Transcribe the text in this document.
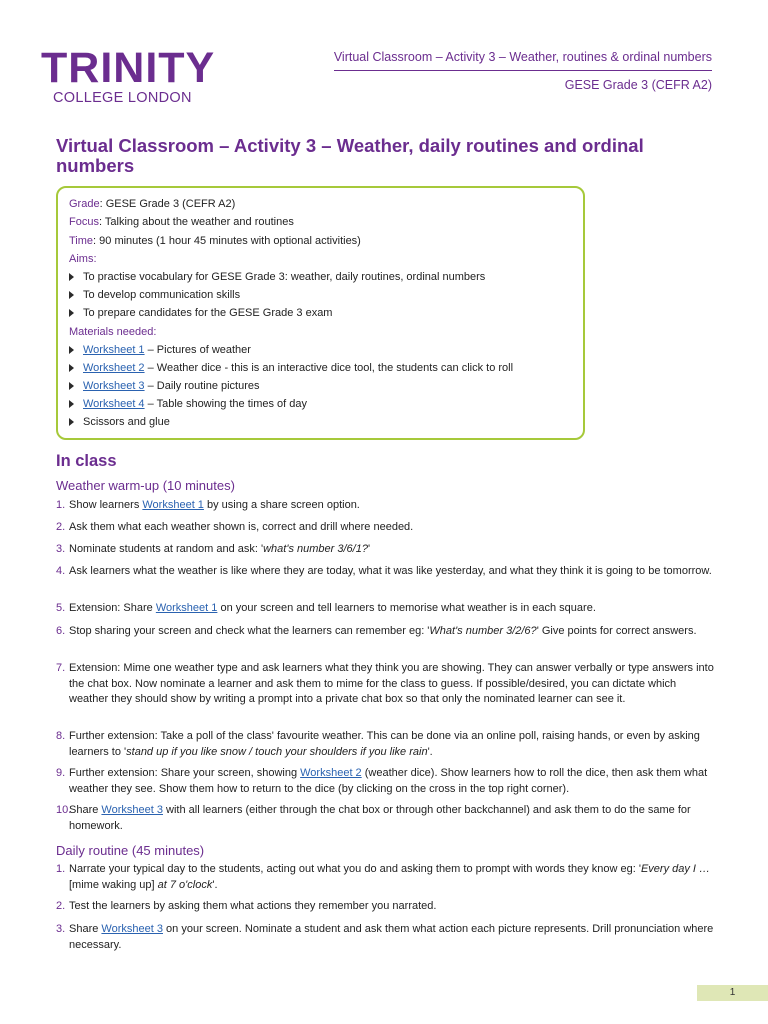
TRINITY
COLLEGE LONDON
Virtual Classroom – Activity 3 – Weather, routines & ordinal numbers
GESE Grade 3 (CEFR A2)
Virtual Classroom – Activity 3 – Weather, daily routines and ordinal numbers
Grade: GESE Grade 3 (CEFR A2)
Focus: Talking about the weather and routines
Time: 90 minutes (1 hour 45 minutes with optional activities)
Aims:
To practise vocabulary for GESE Grade 3: weather, daily routines, ordinal numbers
To develop communication skills
To prepare candidates for the GESE Grade 3 exam
Materials needed:
Worksheet 1 – Pictures of weather
Worksheet 2 – Weather dice - this is an interactive dice tool, the students can click to roll
Worksheet 3 – Daily routine pictures
Worksheet 4 – Table showing the times of day
Scissors and glue
In class
Weather warm-up (10 minutes)
1. Show learners Worksheet 1 by using a share screen option.
2. Ask them what each weather shown is, correct and drill where needed.
3. Nominate students at random and ask: 'what's number 3/6/1?'
4. Ask learners what the weather is like where they are today, what it was like yesterday, and what they think it is going to be tomorrow.
5. Extension: Share Worksheet 1 on your screen and tell learners to memorise what weather is in each square.
6. Stop sharing your screen and check what the learners can remember eg: 'What's number 3/2/6?' Give points for correct answers.
7. Extension: Mime one weather type and ask learners what they think you are showing. They can answer verbally or type answers into the chat box. Now nominate a learner and ask them to mime for the class to guess. If possible/desired, you can dictate which weather they should show by writing a prompt into a private chat box so that only the nominated learner can see it.
8. Further extension: Take a poll of the class' favourite weather. This can be done via an online poll, raising hands, or even by asking learners to 'stand up if you like snow / touch your shoulders if you like rain'.
9. Further extension: Share your screen, showing Worksheet 2 (weather dice). Show learners how to roll the dice, then ask them what weather they see. Show them how to return to the dice (by clicking on the cross in the top right corner).
10.
Share Worksheet 3 with all learners (either through the chat box or through other backchannel) and ask them to do the same for homework.
Daily routine (45 minutes)
1. Narrate your typical day to the students, acting out what you do and asking them to prompt with words they know eg: 'Every day I … [mime waking up] at 7 o'clock'.
2. Test the learners by asking them what actions they remember you narrated.
3. Share Worksheet 3 on your screen. Nominate a student and ask them what action each picture represents. Drill pronunciation where necessary.
1
